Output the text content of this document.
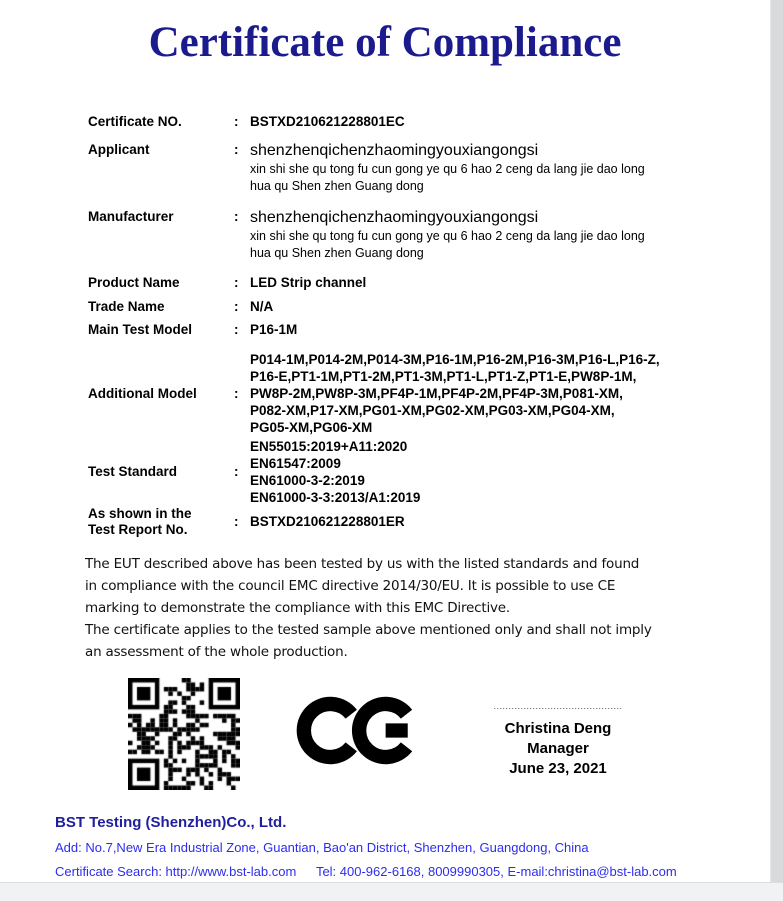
Certificate of Compliance
Certificate NO.	: BSTXD210621228801EC
Applicant	: shenzhenqichenzhaomingyouxiangongsi
xin shi she qu tong fu cun gong ye qu 6 hao 2 ceng da lang jie dao long
hua qu Shen zhen Guang dong
Manufacturer	: shenzhenqichenzhaomingyouxiangongsi
xin shi she qu tong fu cun gong ye qu 6 hao 2 ceng da lang jie dao long
hua qu Shen zhen Guang dong
Product Name	: LED Strip channel
Trade Name	: N/A
Main Test Model	: P16-1M
Additional Model	:
P014-1M,P014-2M,P014-3M,P16-1M,P16-2M,P16-3M,P16-L,P16-Z,
P16-E,PT1-1M,PT1-2M,PT1-3M,PT1-L,PT1-Z,PT1-E,PW8P-1M,
PW8P-2M,PW8P-3M,PF4P-1M,PF4P-2M,PF4P-3M,P081-XM,
P082-XM,P17-XM,PG01-XM,PG02-XM,PG03-XM,PG04-XM,
PG05-XM,PG06-XM
Test Standard	:
EN55015:2019+A11:2020
EN61547:2009
EN61000-3-2:2019
EN61000-3-3:2013/A1:2019
As shown in the
Test Report No.
: BSTXD210621228801ER
The EUT described above has been tested by us with the listed standards and found
in compliance with the council EMC directive 2014/30/EU. It is possible to use CE
marking to demonstrate the compliance with this EMC Directive.
The certificate applies to the tested sample above mentioned only and shall not imply
an assessment of the whole production.
...........................................
Christina Deng
Manager
June 23, 2021
BST Testing (Shenzhen)Co., Ltd.
Add: No.7,New Era Industrial Zone, Guantian, Bao'an District, Shenzhen, Guangdong, China
Certificate Search: http://www.bst-lab.com Tel: 400-962-6168, 8009990305, E-mail:christina@bst-lab.com
